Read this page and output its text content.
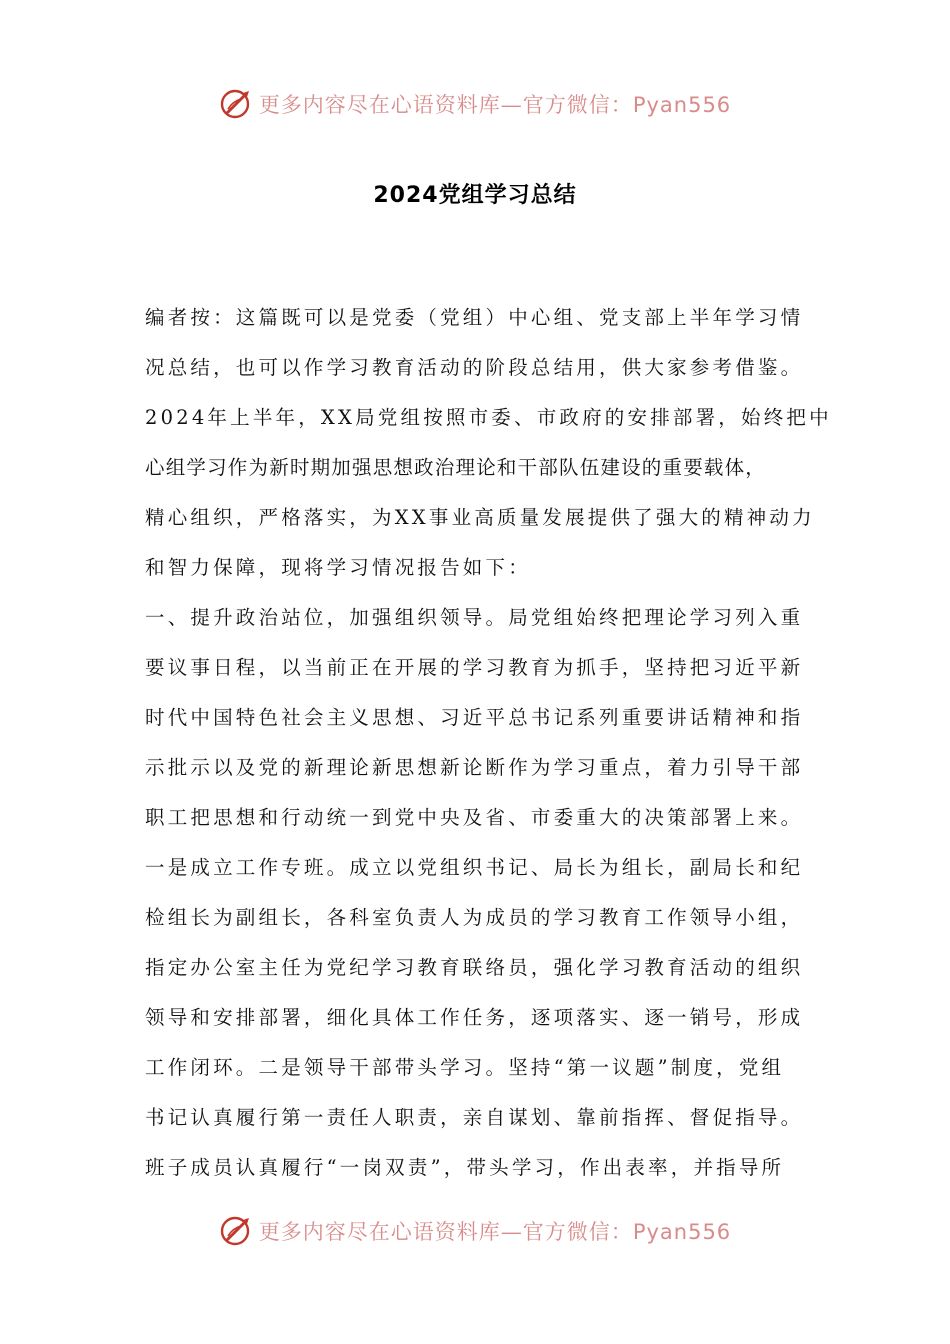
更多内容尽在心语资料库—官方微信：Pyan556
2024党组学习总结
编者按：这篇既可以是党委（党组）中心组、党支部上半年学习情
况总结，也可以作学习教育活动的阶段总结用，供大家参考借鉴。
2024年上半年，XX局党组按照市委、市政府的安排部署，始终把中
心组学习作为新时期加强思想政治理论和干部队伍建设的重要载体，
精心组织，严格落实，为XX事业高质量发展提供了强大的精神动力
和智力保障，现将学习情况报告如下：
一、提升政治站位，加强组织领导。局党组始终把理论学习列入重
要议事日程，以当前正在开展的学习教育为抓手，坚持把习近平新
时代中国特色社会主义思想、习近平总书记系列重要讲话精神和指
示批示以及党的新理论新思想新论断作为学习重点，着力引导干部
职工把思想和行动统一到党中央及省、市委重大的决策部署上来。
一是成立工作专班。成立以党组织书记、局长为组长，副局长和纪
检组长为副组长，各科室负责人为成员的学习教育工作领导小组，
指定办公室主任为党纪学习教育联络员，强化学习教育活动的组织
领导和安排部署，细化具体工作任务，逐项落实、逐一销号，形成
工作闭环。二是领导干部带头学习。坚持“第一议题”制度，党组
书记认真履行第一责任人职责，亲自谋划、靠前指挥、督促指导。
班子成员认真履行“一岗双责”，带头学习，作出表率，并指导所
更多内容尽在心语资料库—官方微信：Pyan556
